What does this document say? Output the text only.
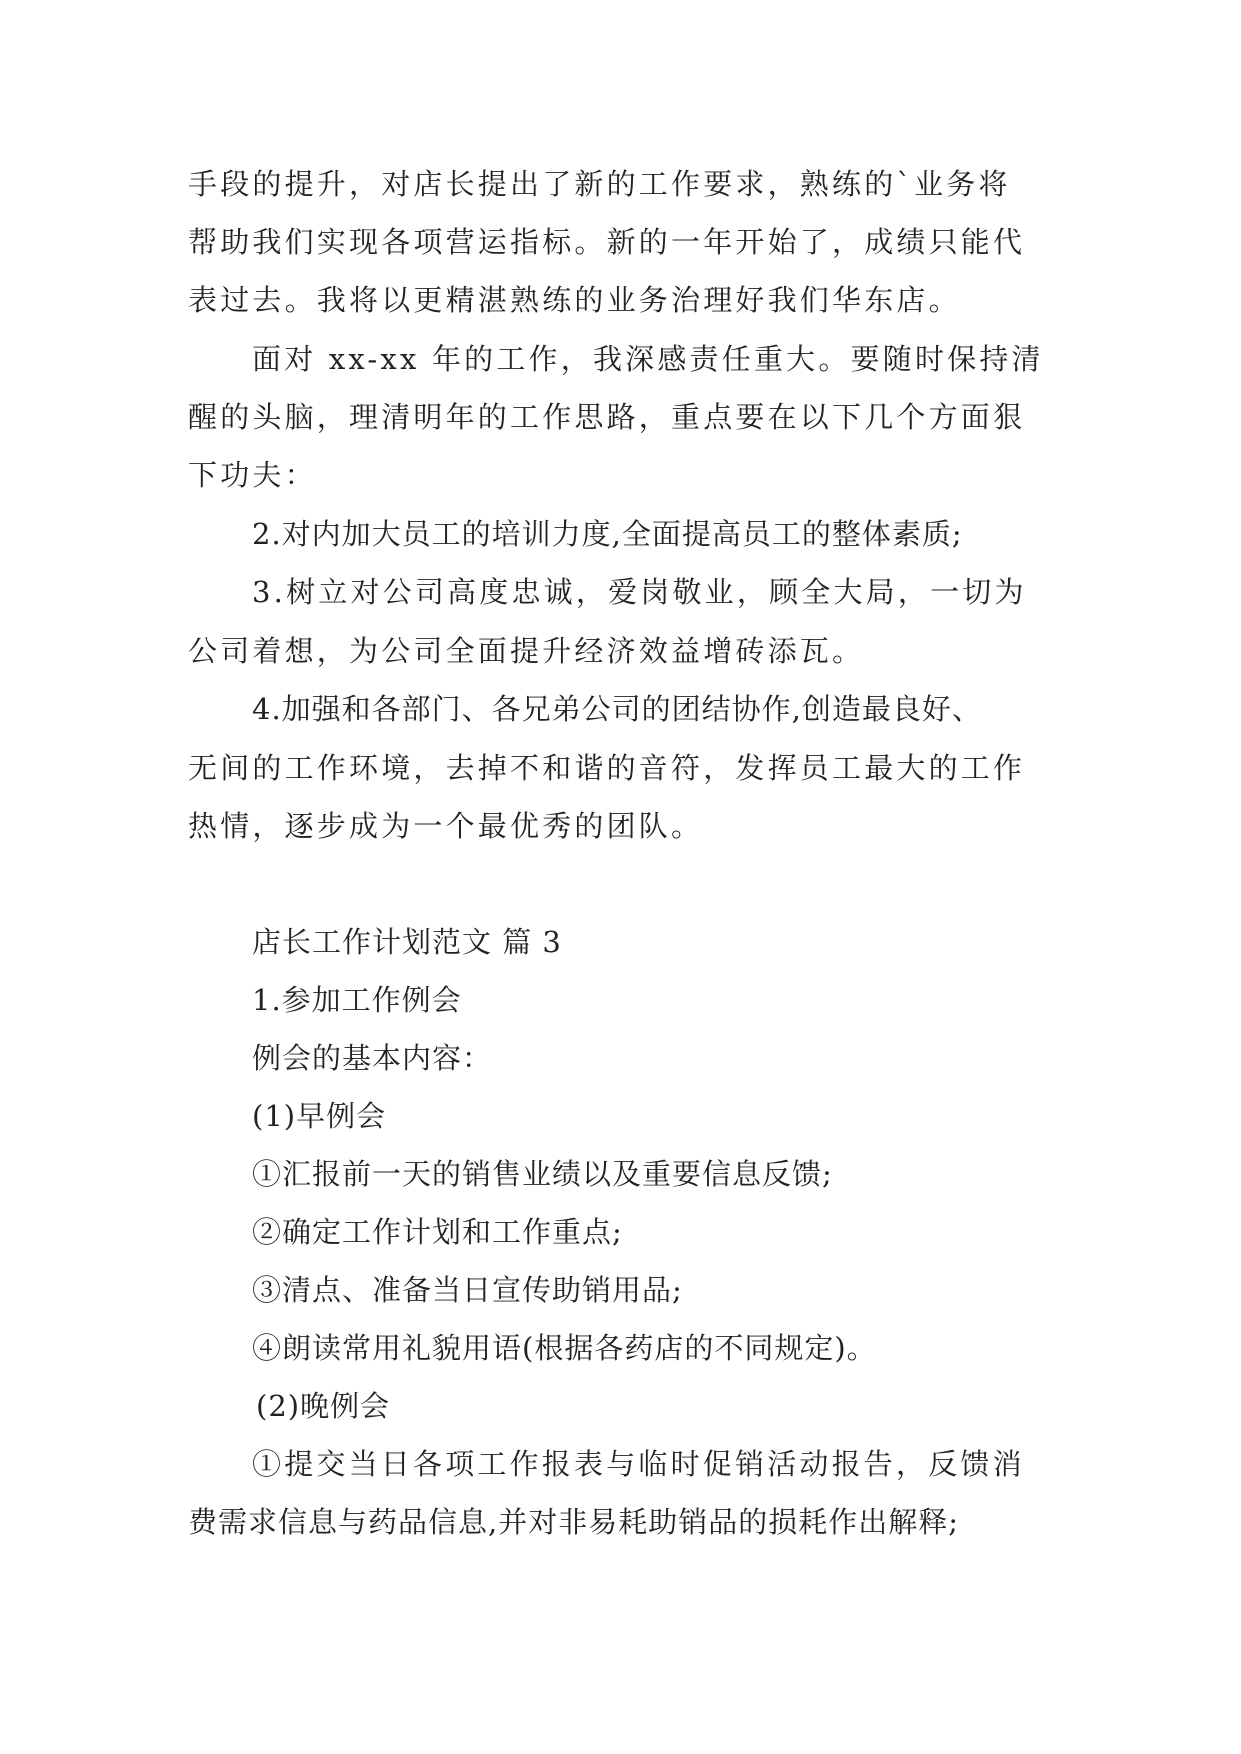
手段的提升，对店长提出了新的工作要求，熟练的`业务将
帮助我们实现各项营运指标。新的一年开始了，成绩只能代
表过去。我将以更精湛熟练的业务治理好我们华东店。
面对 xx-xx 年的工作，我深感责任重大。要随时保持清
醒的头脑，理清明年的工作思路，重点要在以下几个方面狠
下功夫：
2.对内加大员工的培训力度,全面提高员工的整体素质;
3.树立对公司高度忠诚，爱岗敬业，顾全大局，一切为
公司着想，为公司全面提升经济效益增砖添瓦。
4.加强和各部门、各兄弟公司的团结协作,创造最良好、
无间的工作环境，去掉不和谐的音符，发挥员工最大的工作
热情，逐步成为一个最优秀的团队。
店长工作计划范文 篇 3
1.参加工作例会
例会的基本内容：
(1)早例会
①汇报前一天的销售业绩以及重要信息反馈;
②确定工作计划和工作重点;
③清点、准备当日宣传助销用品;
④朗读常用礼貌用语(根据各药店的不同规定)。
(2)晚例会
①提交当日各项工作报表与临时促销活动报告，反馈消
费需求信息与药品信息,并对非易耗助销品的损耗作出解释;
